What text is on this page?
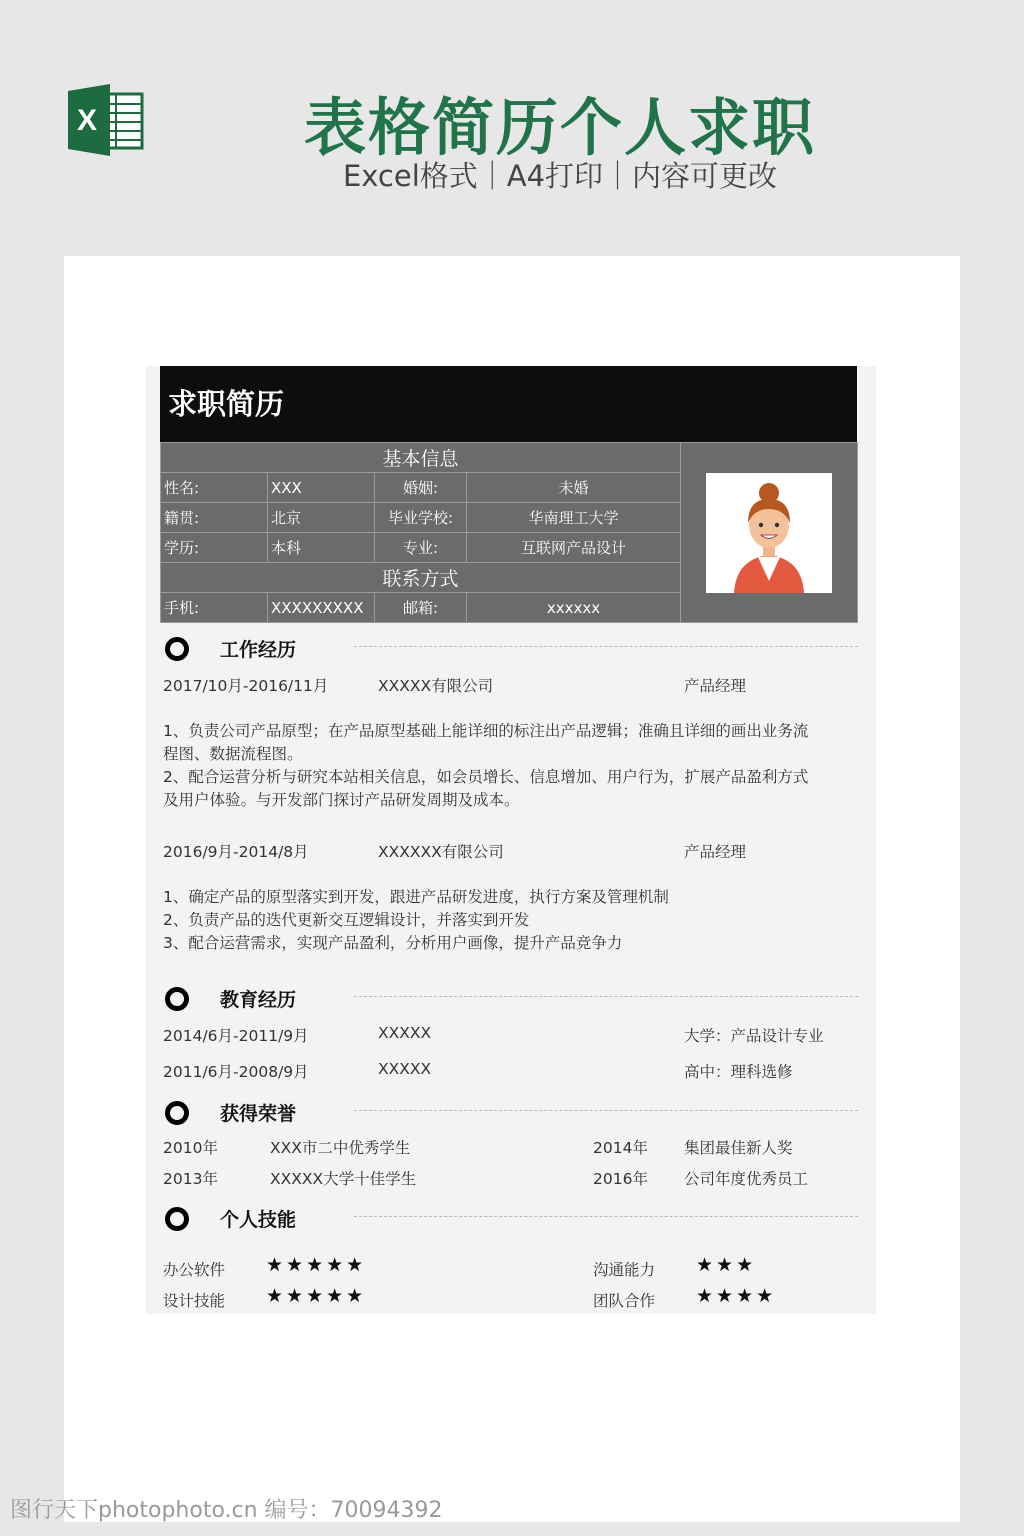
X	表格简历个人求职
Excel格式｜A4打印｜内容可更改
求职简历
基本信息	

性名:	XXX	婚姻:	未婚	
籍贯:	北京	毕业学校:	华南理工大学	
学历:	本科	专业:	互联网产品设计	
联系方式				
手机:	XXXXXXXXX	邮箱:	xxxxxx	
工作经历
2017/10月-2016/11月	XXXXX有限公司	产品经理
1、负责公司产品原型；在产品原型基础上能详细的标注出产品逻辑；准确且详细的画出业务流
程图、数据流程图。
2、配合运营分析与研究本站相关信息，如会员增长、信息增加、用户行为，扩展产品盈利方式
及用户体验。与开发部门探讨产品研发周期及成本。
2016/9月-2014/8月	XXXXXX有限公司	产品经理
1、确定产品的原型落实到开发，跟进产品研发进度，执行方案及管理机制
2、负责产品的迭代更新交互逻辑设计，并落实到开发
3、配合运营需求，实现产品盈利，分析用户画像，提升产品竞争力
教育经历
2014/6月-2011/9月	XXXXX	大学：产品设计专业
2011/6月-2008/9月	XXXXX	高中：理科选修
获得荣誉
2010年	XXX市二中优秀学生	2014年 集团最佳新人奖
2013年	XXXXX大学十佳学生	2016年 公司年度优秀员工
个人技能
办公软件 ★★★★★	沟通能力 ★★★
设计技能 ★★★★★	团队合作 ★★★★
图行天下photophoto.cn 编号：70094392
